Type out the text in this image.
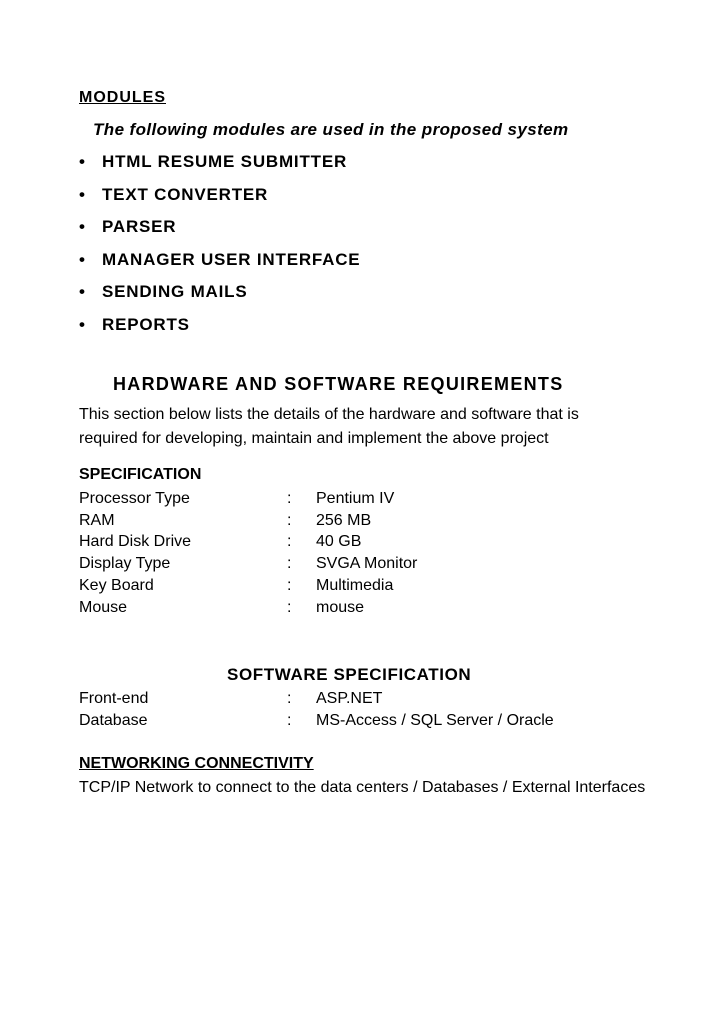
MODULES
The following modules are used in the proposed system
• HTML RESUME SUBMITTER
• TEXT CONVERTER
• PARSER
• MANAGER USER INTERFACE
• SENDING MAILS
• REPORTS
HARDWARE AND SOFTWARE REQUIREMENTS
This section below lists the details of the hardware and software that is
required for developing, maintain and implement the above project
SPECIFICATION
Processor Type	:	Pentium IV
RAM	:	256 MB
Hard Disk Drive	:	40 GB
Display Type	:	SVGA Monitor
Key Board	:	Multimedia
Mouse	:	mouse
SOFTWARE SPECIFICATION
Front-end	:	ASP.NET
Database	:	MS-Access / SQL Server / Oracle
NETWORKING CONNECTIVITY
TCP/IP Network to connect to the data centers / Databases / External Interfaces
